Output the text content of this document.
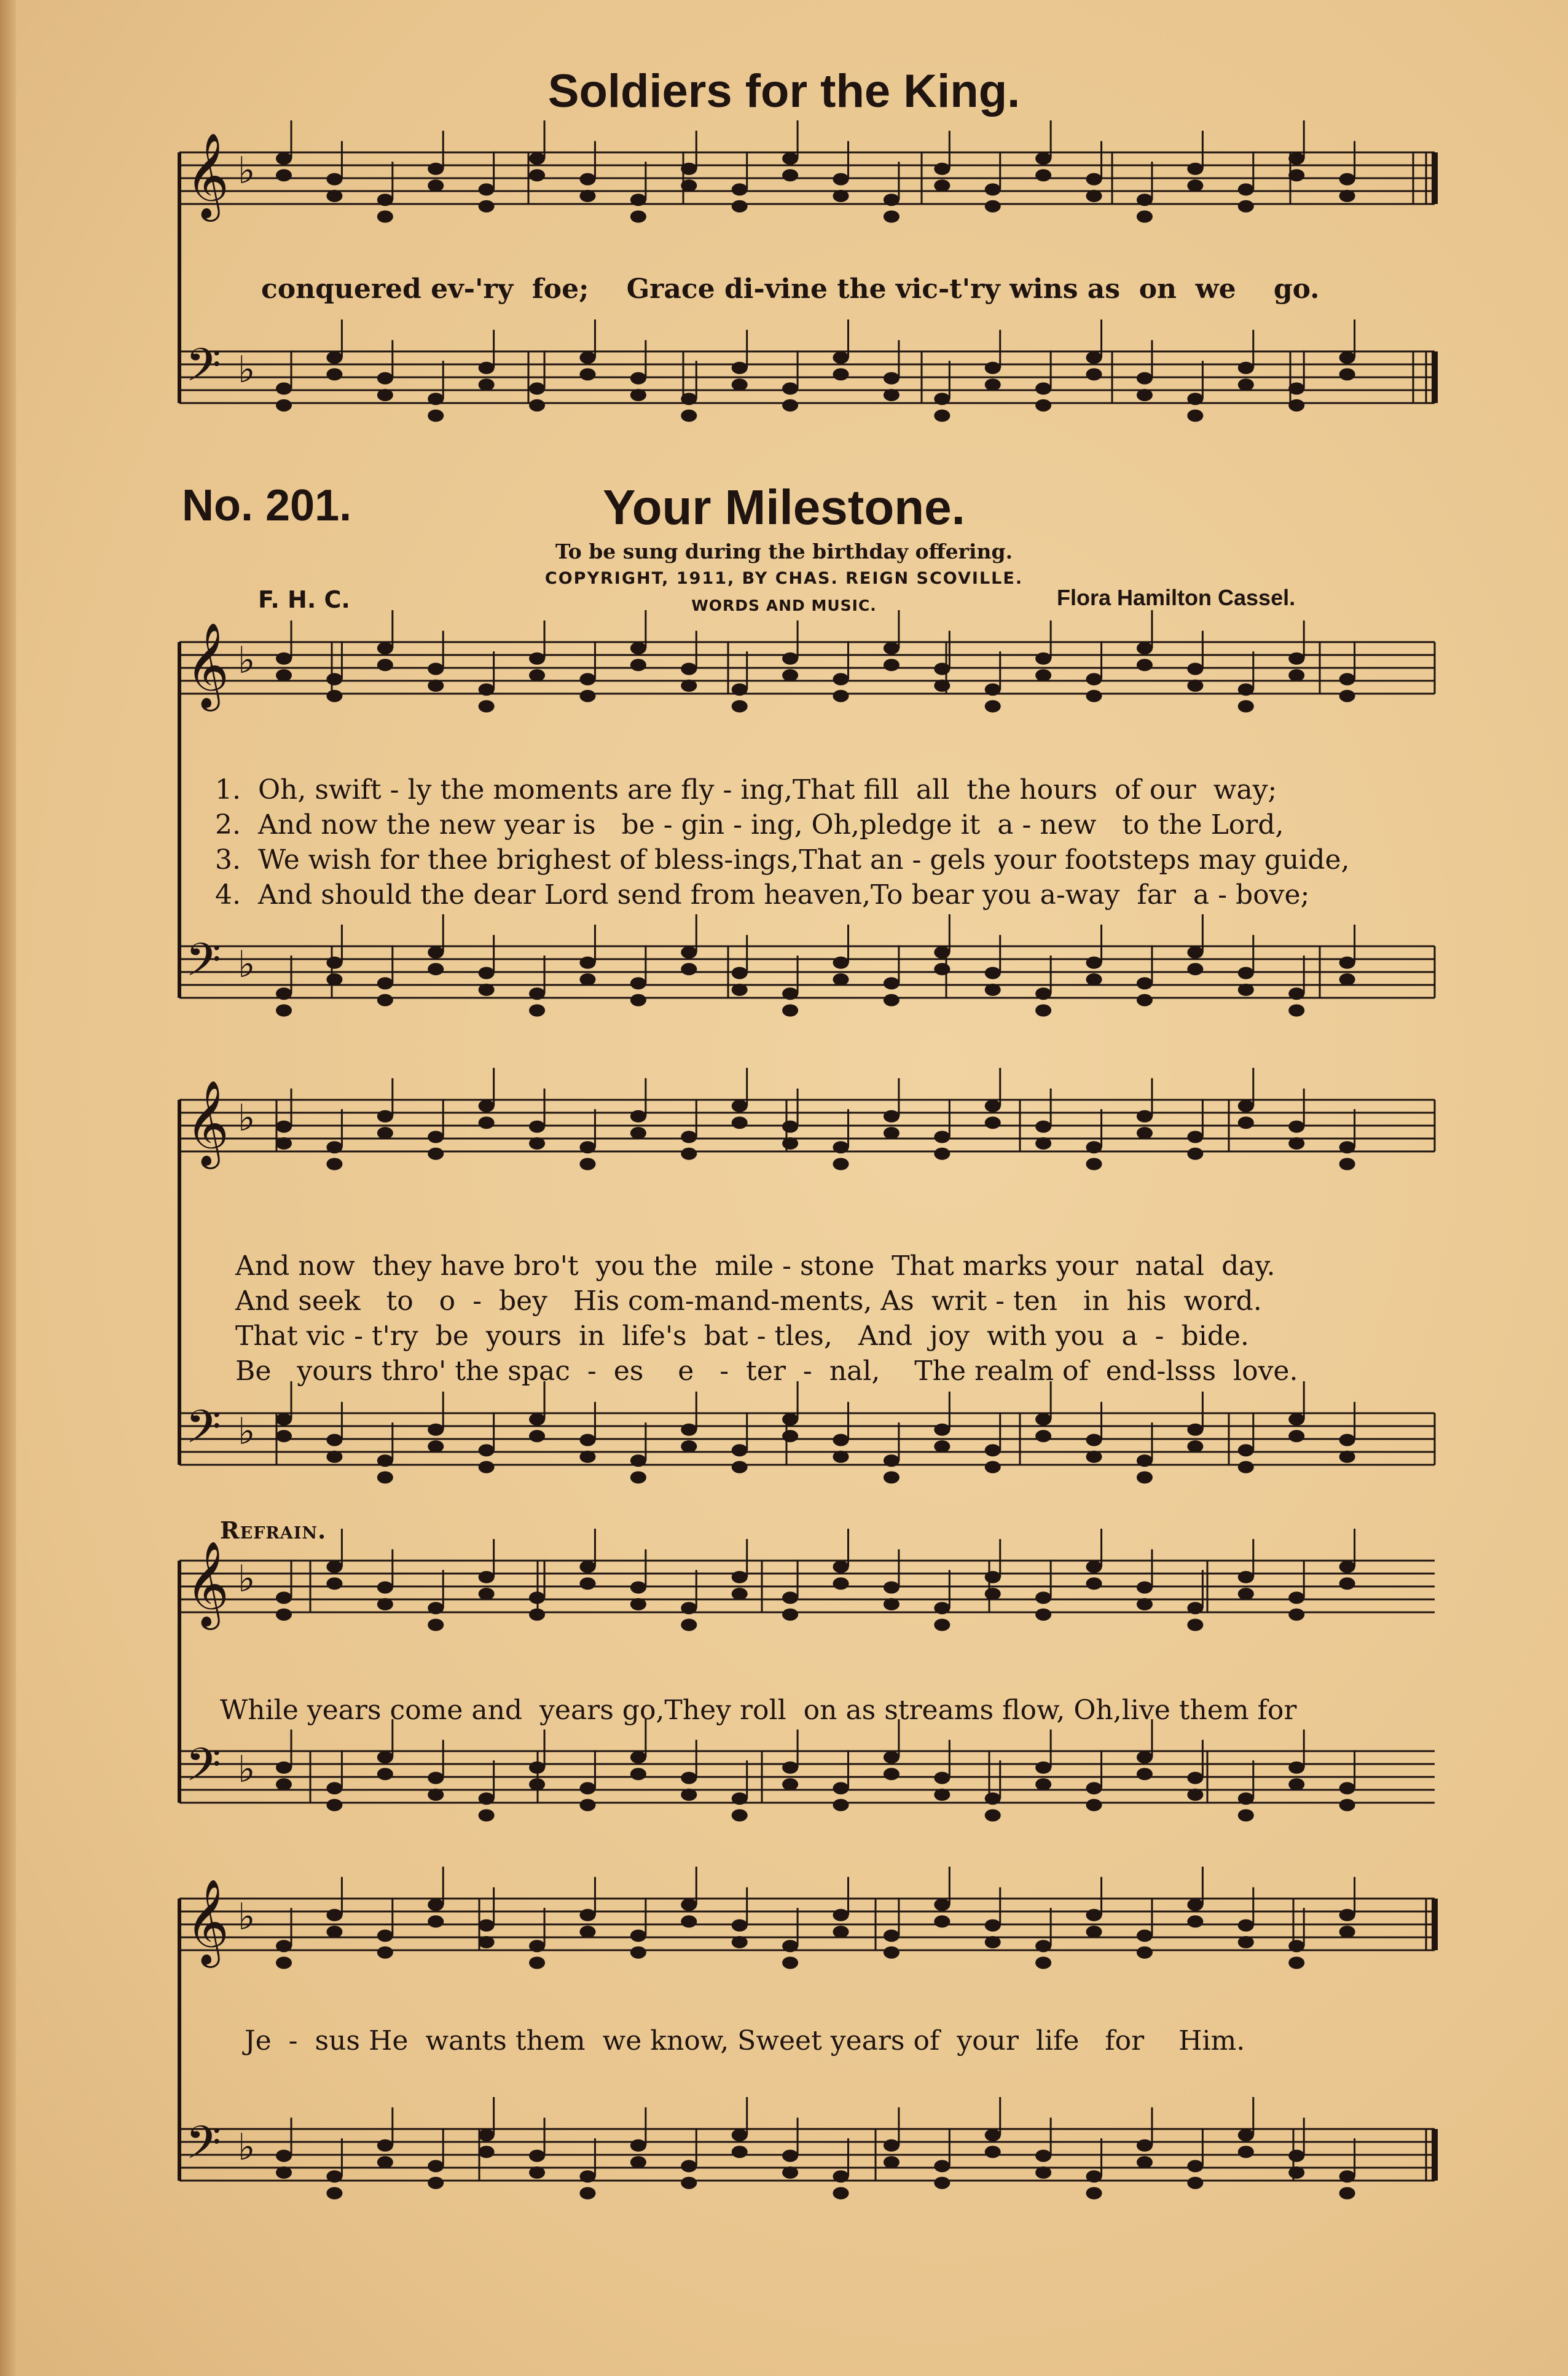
𝄞 ♭
𝄢 ♭
𝄞 ♭
𝄢 ♭
𝄞 ♭
𝄢 ♭
𝄞 ♭
𝄢 ♭
𝄞 ♭
𝄢 ♭
Soldiers for the King.
conquered ev-'ry  foe;    Grace di-vine the vic-t'ry wins as  on  we    go.
No. 201.	Your Milestone.
To be sung during the birthday offering.
COPYRIGHT, 1911, BY CHAS. REIGN SCOVILLE.
WORDS AND MUSIC.
F. H. C.	Flora Hamilton Cassel.
1.  Oh, swift - ly the moments are fly - ing,That fill  all  the hours  of our  way;
2.  And now the new year is   be - gin - ing, Oh,pledge it  a - new   to the Lord,
3.  We wish for thee brighest of bless-ings,That an - gels your footsteps may guide,
4.  And should the dear Lord send from heaven,To bear you a-way  far  a - bove;
And now  they have bro't  you the  mile - stone  That marks your  natal  day.
And seek   to   o  -  bey   His com-mand-ments, As  writ - ten   in  his  word.
That vic - t'ry  be  yours  in  life's  bat - tles,   And  joy  with you  a  -  bide.
Be   yours thro' the spac  -  es    e   -  ter  -  nal,    The realm of  end-lsss  love.
Refrain.
While years come and  years go,They roll  on as streams flow, Oh,live them for
Je  -  sus He  wants them  we know, Sweet years of  your  life   for    Him.
